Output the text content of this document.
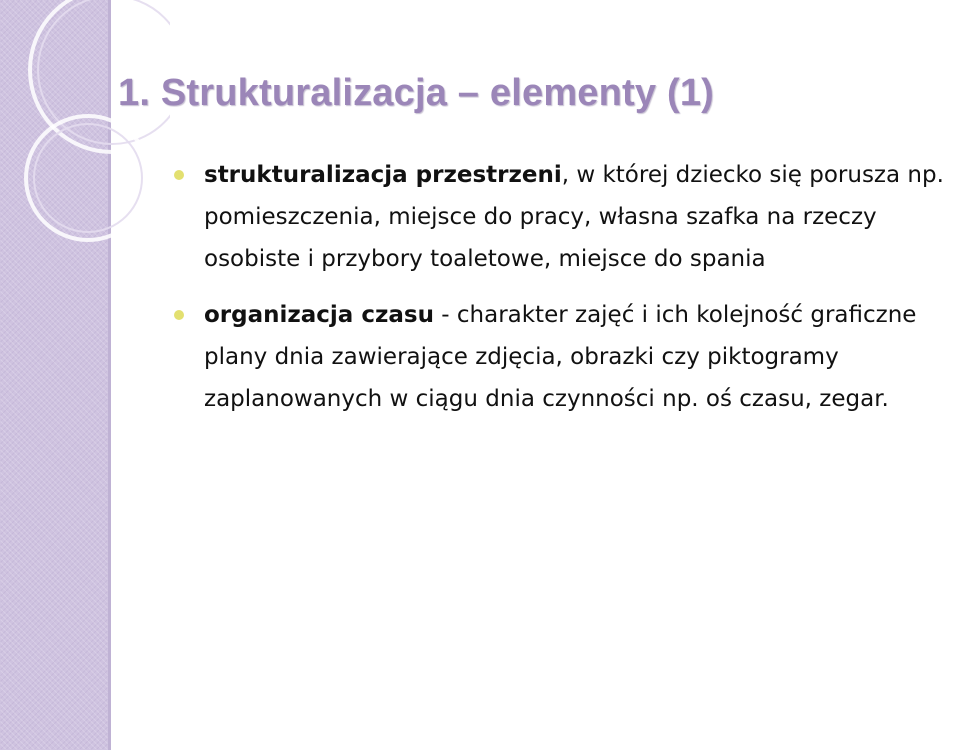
1. Strukturalizacja – elementy (1)
strukturalizacja przestrzeni, w której dziecko się porusza np. pomieszczenia, miejsce do pracy, własna szafka na rzeczy osobiste i przybory toaletowe, miejsce do spania
organizacja czasu - charakter zajęć i ich kolejność graficzne plany dnia zawierające zdjęcia, obrazki czy piktogramy zaplanowanych w ciągu dnia czynności np. oś czasu, zegar.
